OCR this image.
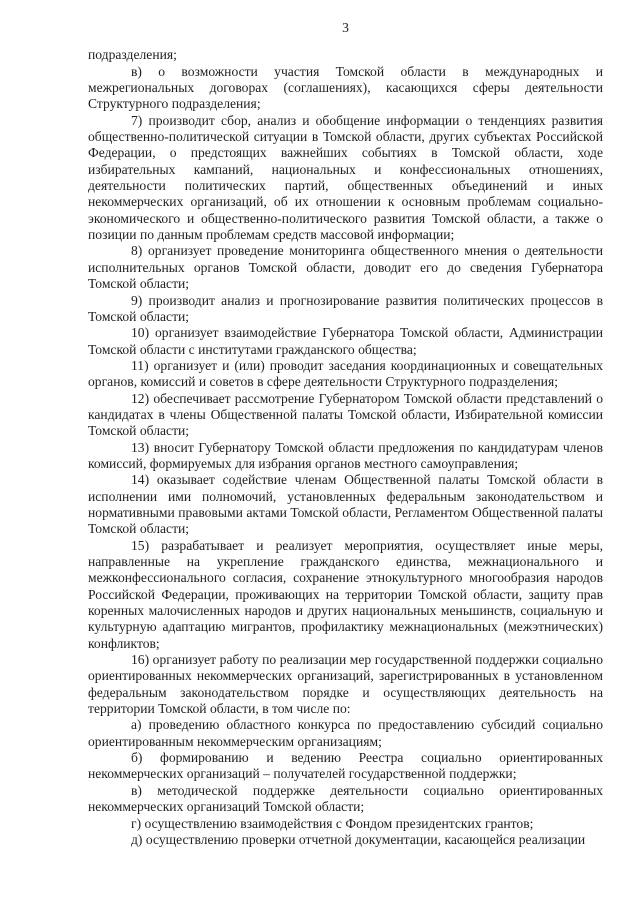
3

подразделения;

в) о возможности участия Томской области в международных и межрегиональных договорах (соглашениях), касающихся сферы деятельности Структурного подразделения;

7) производит сбор, анализ и обобщение информации о тенденциях развития общественно-политической ситуации в Томской области, других субъектах Российской Федерации, о предстоящих важнейших событиях в Томской области, ходе избирательных кампаний, национальных и конфессиональных отношениях, деятельности политических партий, общественных объединений и иных некоммерческих организаций, об их отношении к основным проблемам социально-экономического и общественно-политического развития Томской области, а также о позиции по данным проблемам средств массовой информации;

8) организует проведение мониторинга общественного мнения о деятельности исполнительных органов Томской области, доводит его до сведения Губернатора Томской области;

9) производит анализ и прогнозирование развития политических процессов в Томской области;

10) организует взаимодействие Губернатора Томской области, Администрации Томской области с институтами гражданского общества;

11) организует и (или) проводит заседания координационных и совещательных органов, комиссий и советов в сфере деятельности Структурного подразделения;

12) обеспечивает рассмотрение Губернатором Томской области представлений о кандидатах в члены Общественной палаты Томской области, Избирательной комиссии Томской области;

13) вносит Губернатору Томской области предложения по кандидатурам членов комиссий, формируемых для избрания органов местного самоуправления;

14) оказывает содействие членам Общественной палаты Томской области в исполнении ими полномочий, установленных федеральным законодательством и нормативными правовыми актами Томской области, Регламентом Общественной палаты Томской области;

15) разрабатывает и реализует мероприятия, осуществляет иные меры, направленные на укрепление гражданского единства, межнационального и межконфессионального согласия, сохранение этнокультурного многообразия народов Российской Федерации, проживающих на территории Томской области, защиту прав коренных малочисленных народов и других национальных меньшинств, социальную и культурную адаптацию мигрантов, профилактику межнациональных (межэтнических) конфликтов;

16) организует работу по реализации мер государственной поддержки социально ориентированных некоммерческих организаций, зарегистрированных в установленном федеральным законодательством порядке и осуществляющих деятельность на территории Томской области, в том числе по:

а) проведению областного конкурса по предоставлению субсидий социально ориентированным некоммерческим организациям;

б) формированию и ведению Реестра социально ориентированных некоммерческих организаций – получателей государственной поддержки;

в) методической поддержке деятельности социально ориентированных некоммерческих организаций Томской области;

г) осуществлению взаимодействия с Фондом президентских грантов;

д) осуществлению проверки отчетной документации, касающейся реализации
